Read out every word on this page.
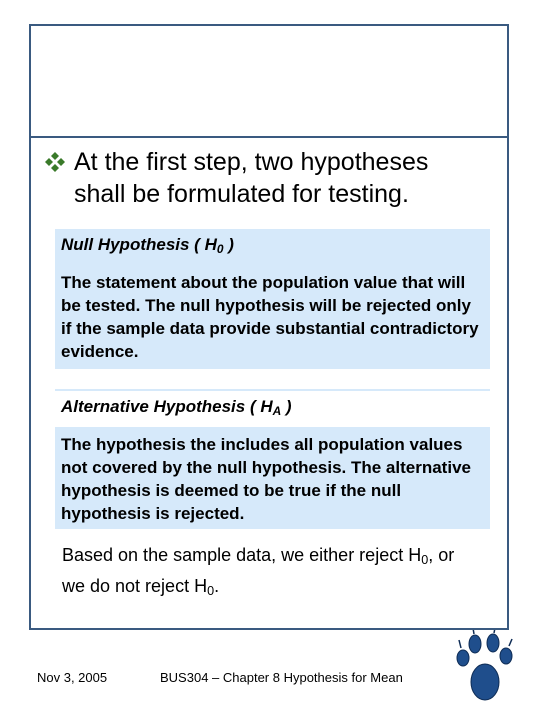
At the first step, two hypotheses shall be formulated for testing.
Null Hypothesis ( $H_0$ )
The statement about the population value that will be tested. The null hypothesis will be rejected only if the sample data provide substantial contradictory evidence.
Alternative Hypothesis ( $H_A$ )
The hypothesis the includes all population values not covered by the null hypothesis. The alternative hypothesis is deemed to be true if the null hypothesis is rejected.
Based on the sample data, we either reject $H_0$, or we do not reject $H_0$.
Nov 3, 2005	BUS304 – Chapter 8 Hypothesis for Mean
